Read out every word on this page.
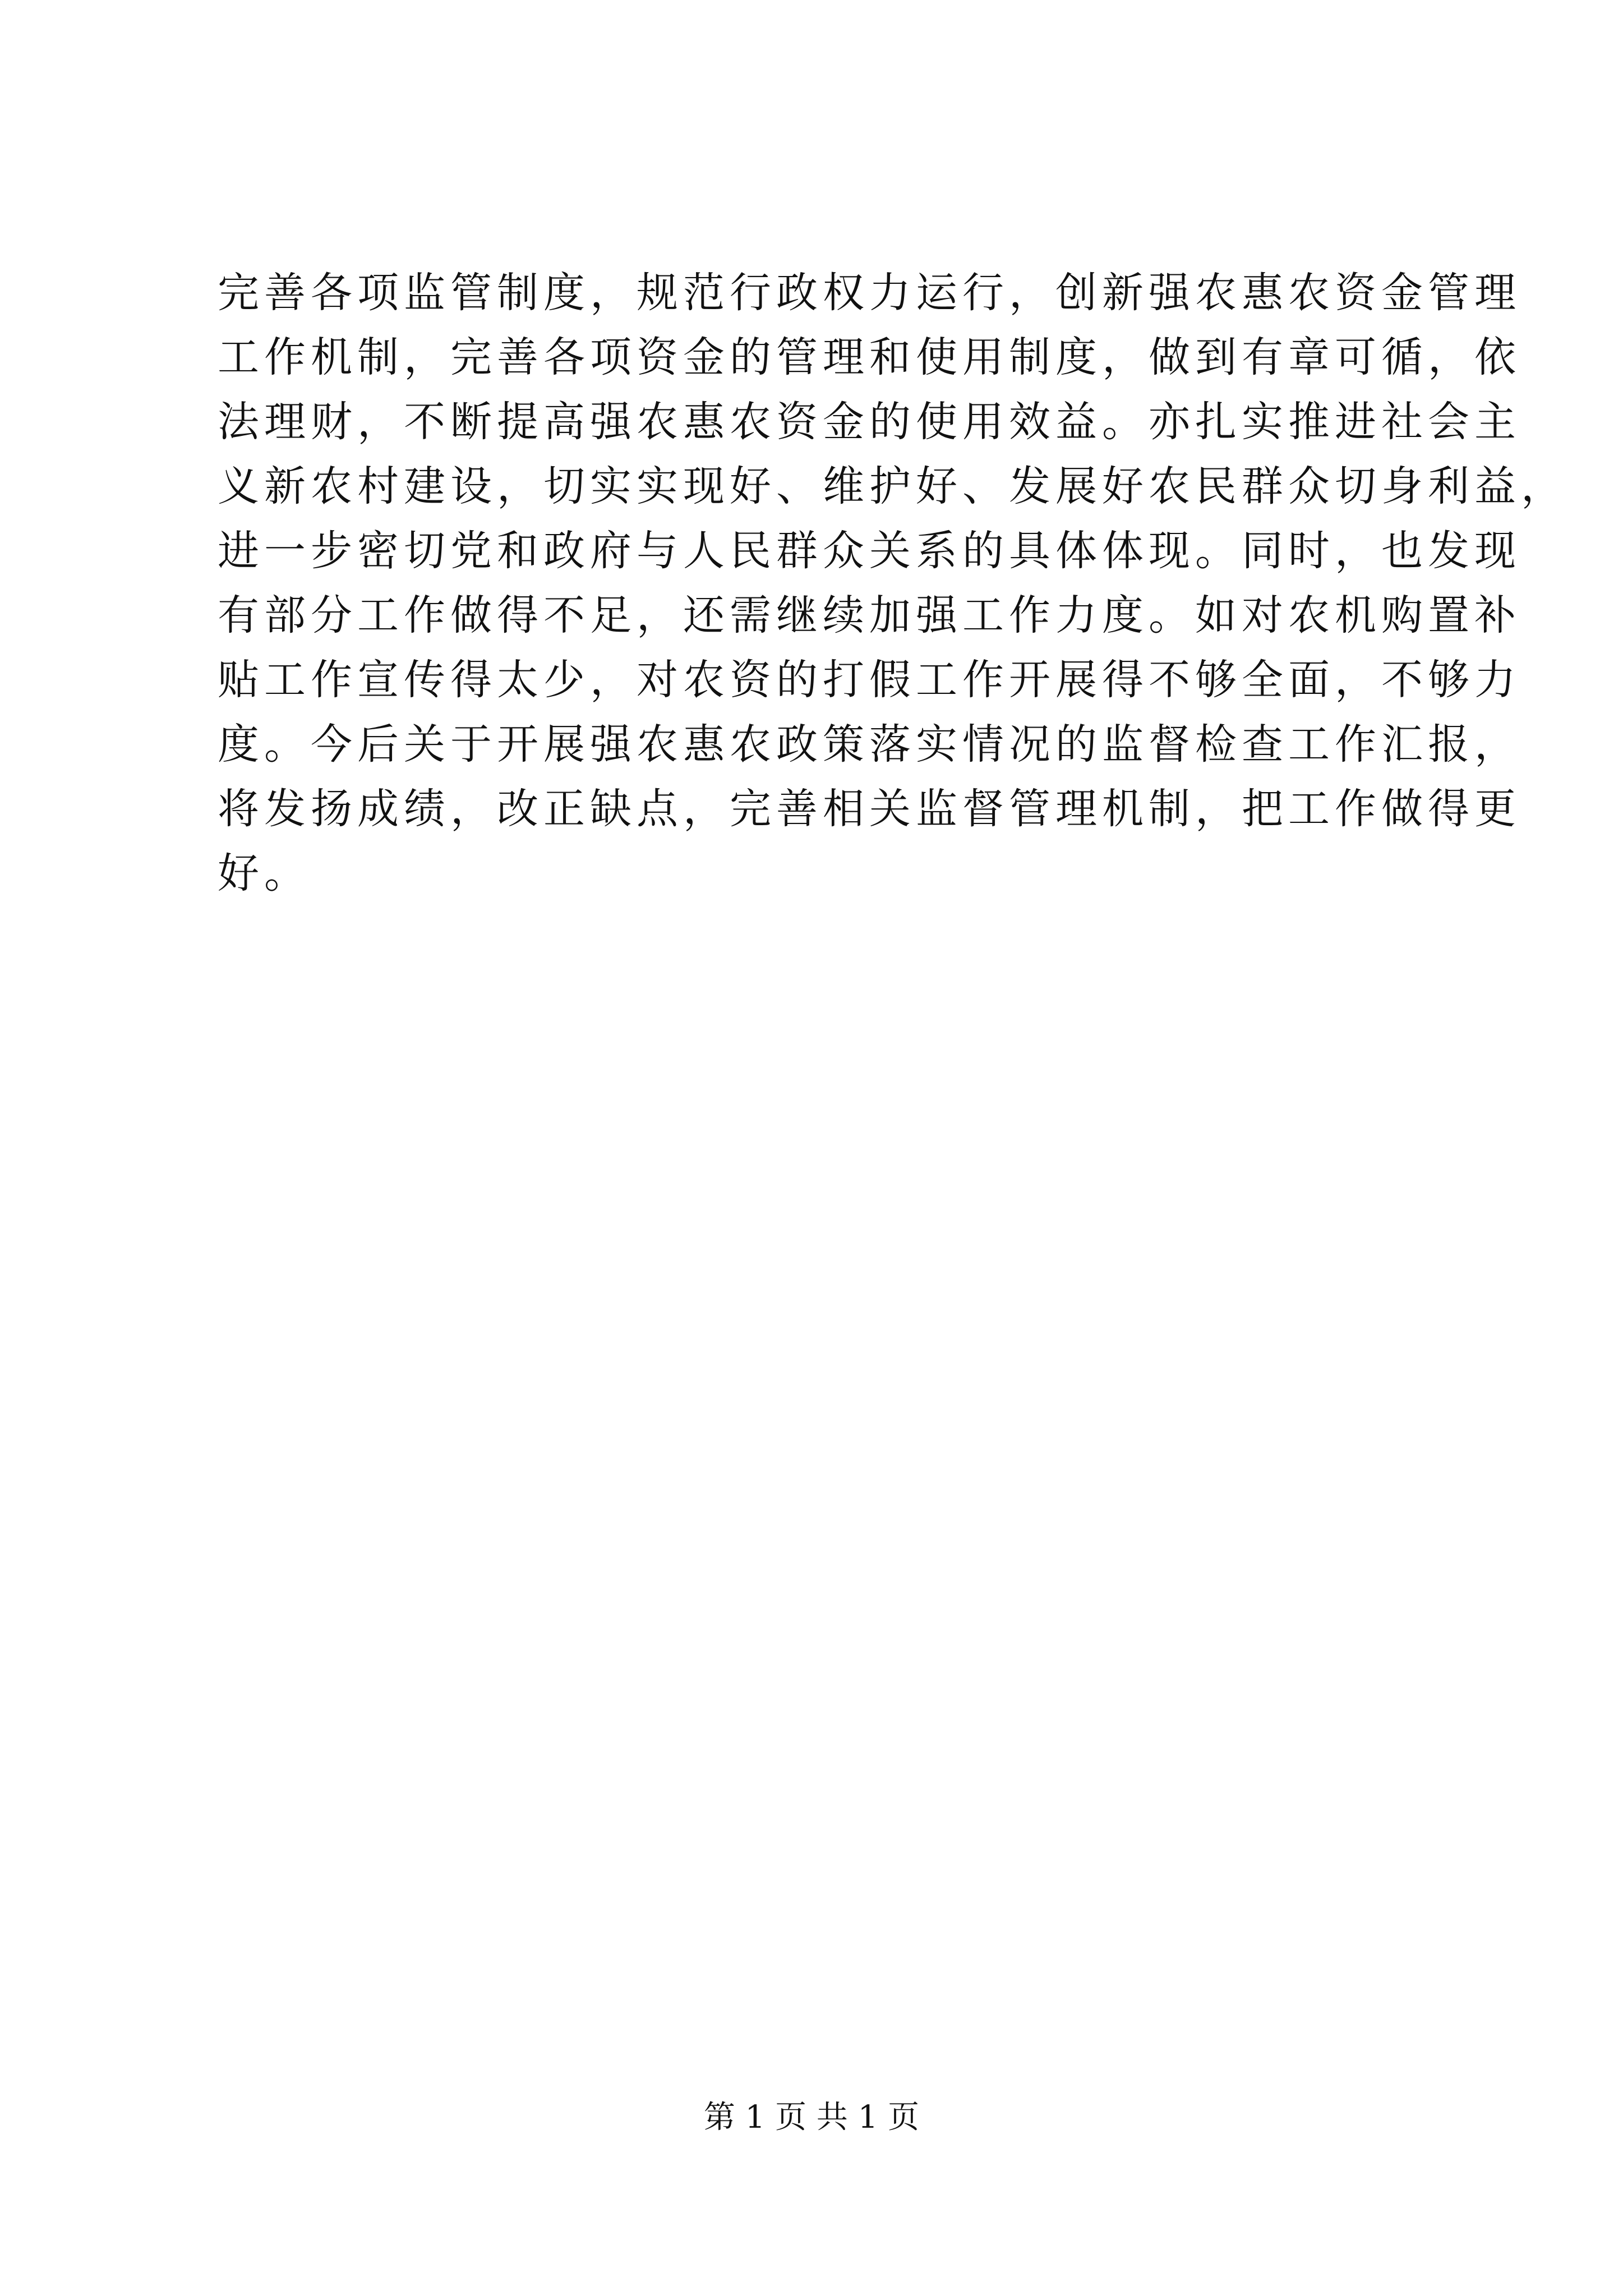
完善各项监管制度，规范行政权力运行，创新强农惠农资金管理
工作机制，完善各项资金的管理和使用制度，做到有章可循，依
法理财，不断提高强农惠农资金的使用效益。亦扎实推进社会主
义新农村建设，切实实现好、维护好、发展好农民群众切身利益，
进一步密切党和政府与人民群众关系的具体体现。同时，也发现
有部分工作做得不足，还需继续加强工作力度。如对农机购置补
贴工作宣传得太少，对农资的打假工作开展得不够全面，不够力
度。今后关于开展强农惠农政策落实情况的监督检查工作汇报，
将发扬成绩，改正缺点，完善相关监督管理机制，把工作做得更
好。
第 1 页 共 1 页
